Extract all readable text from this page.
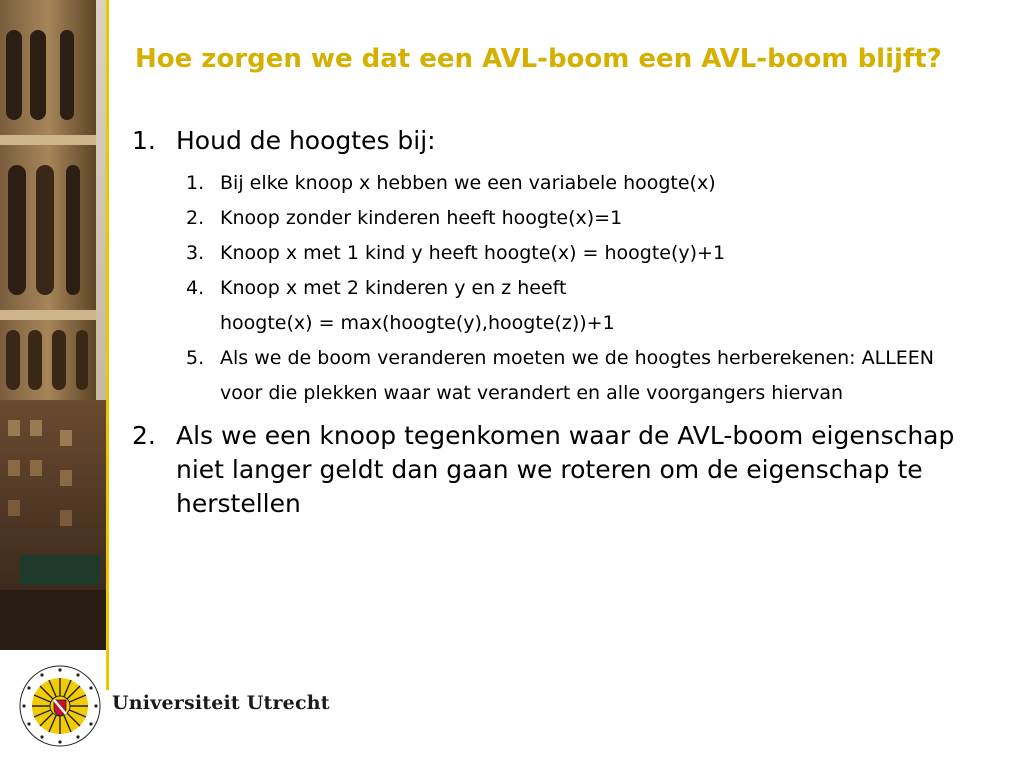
Hoe zorgen we dat een AVL-boom een AVL-boom blijft?
1. Houd de hoogtes bij:
1. Bij elke knoop x hebben we een variabele hoogte(x)
2. Knoop zonder kinderen heeft hoogte(x)=1
3. Knoop x met 1 kind y heeft hoogte(x) = hoogte(y)+1
4. Knoop x met 2 kinderen y en z heeft hoogte(x) = max(hoogte(y),hoogte(z))+1
5. Als we de boom veranderen moeten we de hoogtes herberekenen: ALLEEN voor die plekken waar wat verandert en alle voorgangers hiervan
2. Als we een knoop tegenkomen waar de AVL-boom eigenschap niet langer geldt dan gaan we roteren om de eigenschap te herstellen
Universiteit Utrecht
